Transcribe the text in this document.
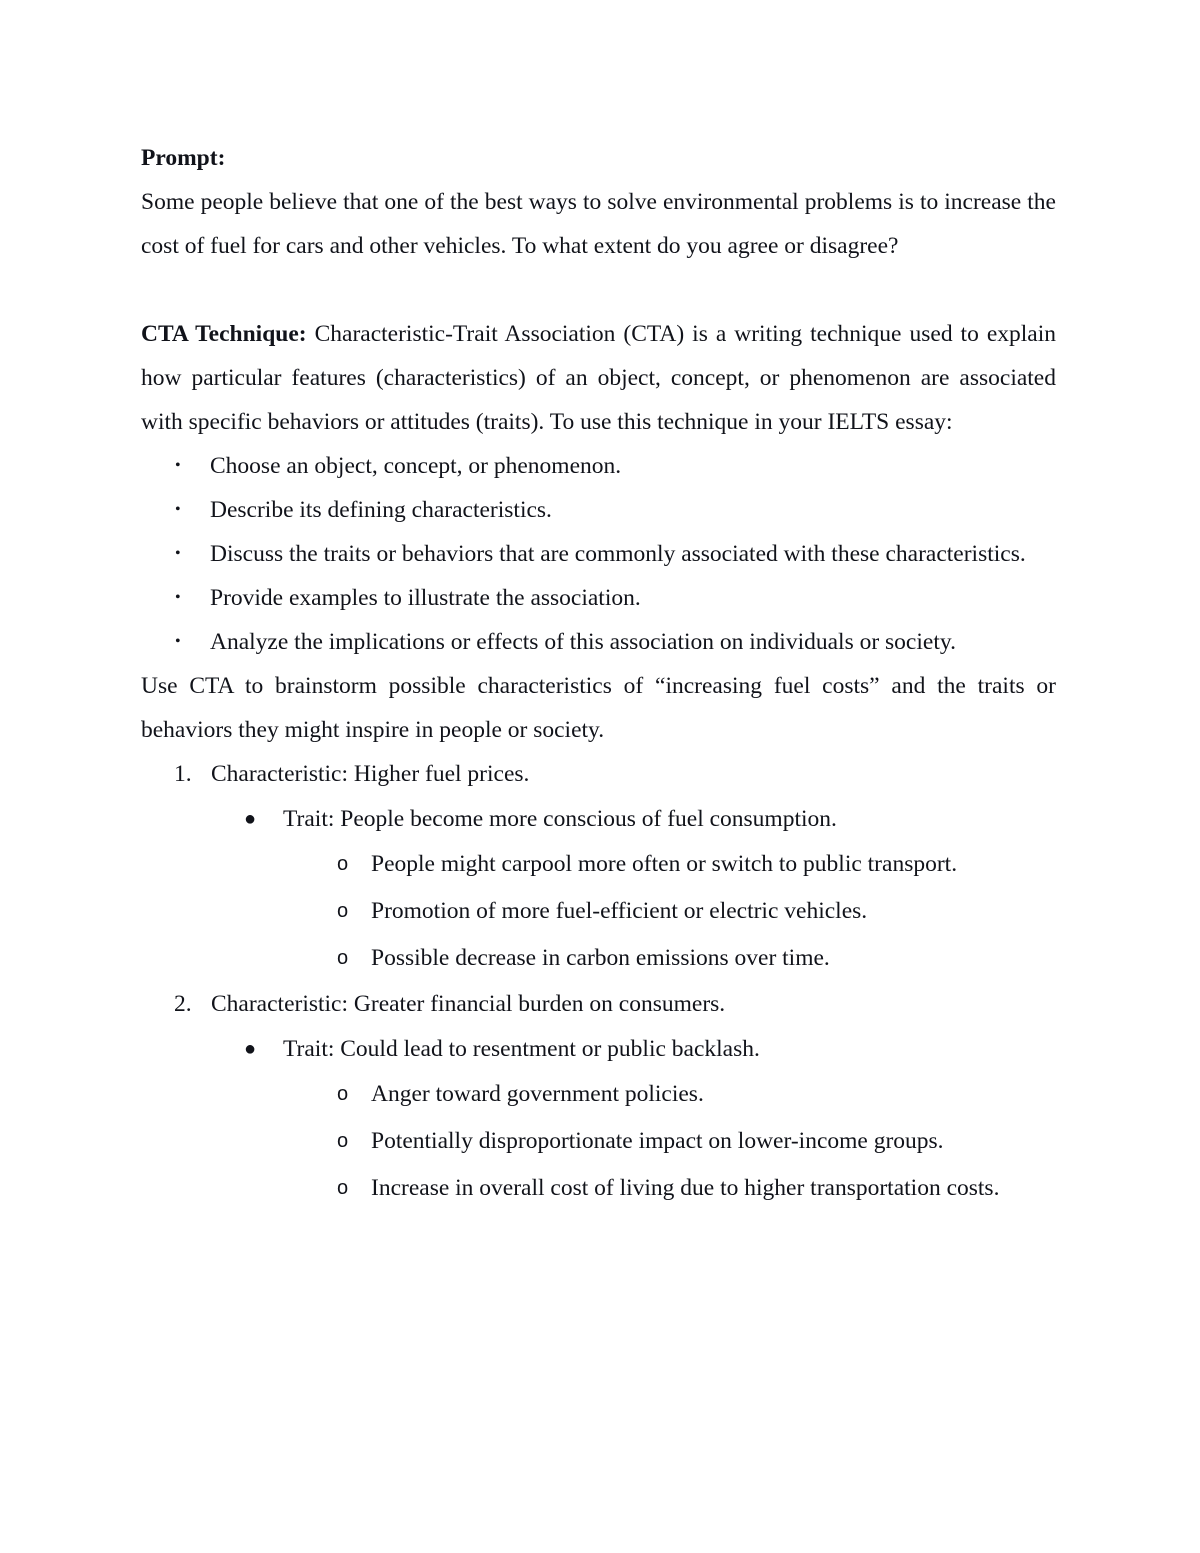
Prompt:

Some people believe that one of the best ways to solve environmental problems is to increase the cost of fuel for cars and other vehicles. To what extent do you agree or disagree?

CTA Technique: Characteristic-Trait Association (CTA) is a writing technique used to explain how particular features (characteristics) of an object, concept, or phenomenon are associated with specific behaviors or attitudes (traits). To use this technique in your IELTS essay:

• Choose an object, concept, or phenomenon.
• Describe its defining characteristics.
• Discuss the traits or behaviors that are commonly associated with these characteristics.
• Provide examples to illustrate the association.
• Analyze the implications or effects of this association on individuals or society.

Use CTA to brainstorm possible characteristics of “increasing fuel costs” and the traits or behaviors they might inspire in people or society.

1. Characteristic: Higher fuel prices.
● Trait: People become more conscious of fuel consumption.
o People might carpool more often or switch to public transport.
o Promotion of more fuel-efficient or electric vehicles.
o Possible decrease in carbon emissions over time.
2. Characteristic: Greater financial burden on consumers.
● Trait: Could lead to resentment or public backlash.
o Anger toward government policies.
o Potentially disproportionate impact on lower-income groups.
o Increase in overall cost of living due to higher transportation costs.
